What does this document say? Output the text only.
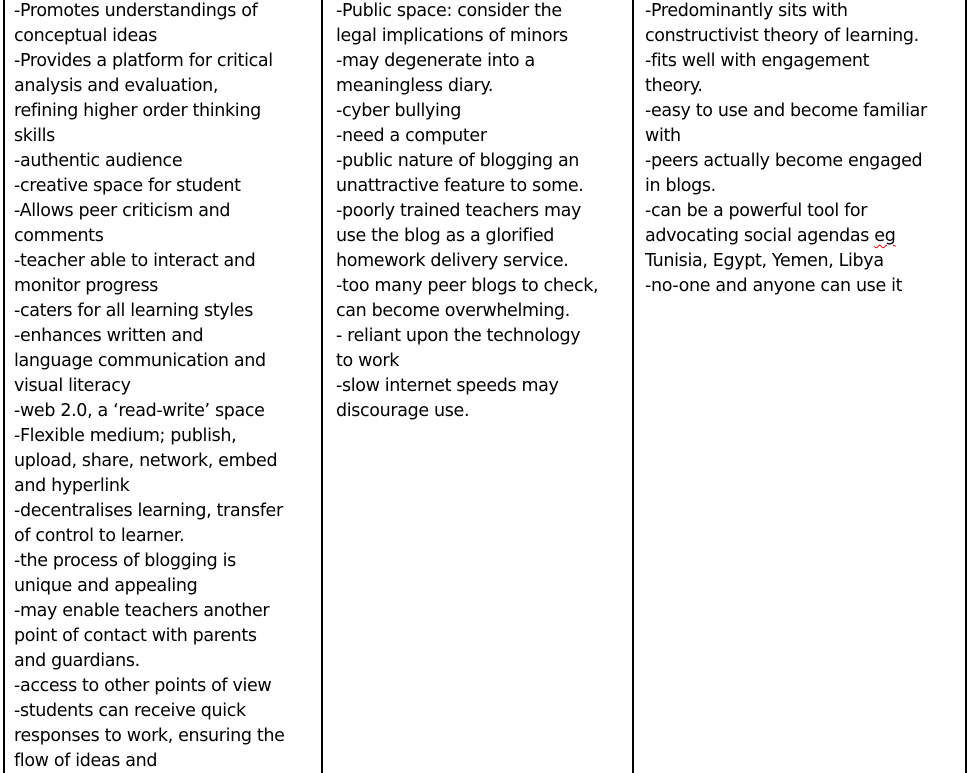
-Promotes understandings of
conceptual ideas
-Provides a platform for critical
analysis and evaluation,
refining higher order thinking
skills
-authentic audience
-creative space for student
-Allows peer criticism and
comments
-teacher able to interact and
monitor progress
-caters for all learning styles
-enhances written and
language communication and
visual literacy
-web 2.0, a ‘read-write’ space
-Flexible medium; publish,
upload, share, network, embed
and hyperlink
-decentralises learning, transfer
of control to learner.
-the process of blogging is
unique and appealing
-may enable teachers another
point of contact with parents
and guardians.
-access to other points of view
-students can receive quick
responses to work, ensuring the
flow of ideas and
-Public space: consider the
legal implications of minors
-may degenerate into a
meaningless diary.
-cyber bullying
-need a computer
-public nature of blogging an
unattractive feature to some.
-poorly trained teachers may
use the blog as a glorified
homework delivery service.
-too many peer blogs to check,
can become overwhelming.
- reliant upon the technology
to work
-slow internet speeds may
discourage use.
-Predominantly sits with
constructivist theory of learning.
-fits well with engagement
theory.
-easy to use and become familiar
with
-peers actually become engaged
in blogs.
-can be a powerful tool for
advocating social agendas eg
Tunisia, Egypt, Yemen, Libya
-no-one and anyone can use it
